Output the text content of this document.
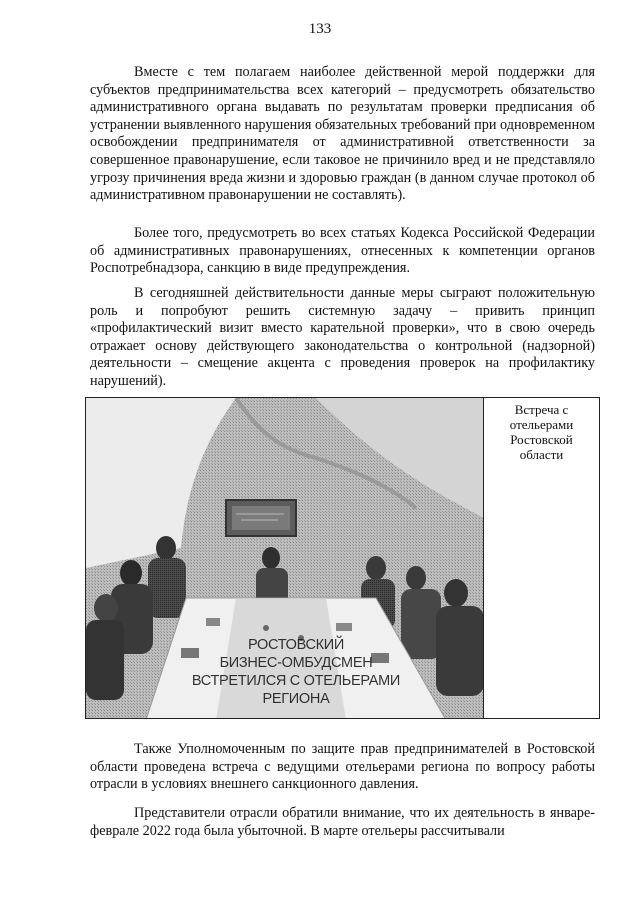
133

Вместе с тем полагаем наиболее действенной мерой поддержки для субъектов предпринимательства всех категорий – предусмотреть обязательство административного органа выдавать по результатам проверки предписания об устранении выявленного нарушения обязательных требований при одновременном освобождении предпринимателя от административной ответственности за совершенное правонарушение, если таковое не причинило вред и не представляло угрозу причинения вреда жизни и здоровью граждан (в данном случае протокол об административном правонарушении не составлять).

Более того, предусмотреть во всех статьях Кодекса Российской Федерации об административных правонарушениях, отнесенных к компетенции органов Роспотребнадзора, санкцию в виде предупреждения.

В сегодняшней действительности данные меры сыграют положительную роль и попробуют решить системную задачу – привить принцип «профилактический визит вместо карательной проверки», что в свою очередь отражает основу действующего законодательства о контрольной (надзорной) деятельности – смещение акцента с проведения проверок на профилактику нарушений).

РОСТОВСКИЙ
БИЗНЕС-ОМБУДСМЕН
ВСТРЕТИЛСЯ С ОТЕЛЬЕРАМИ
РЕГИОНА
Встреча с отельерами Ростовской области

Также Уполномоченным по защите прав предпринимателей в Ростовской области проведена встреча с ведущими отельерами региона по вопросу работы отрасли в условиях внешнего санкционного давления.

Представители отрасли обратили внимание, что их деятельность в январе-феврале 2022 года была убыточной. В марте отельеры рассчитывали
